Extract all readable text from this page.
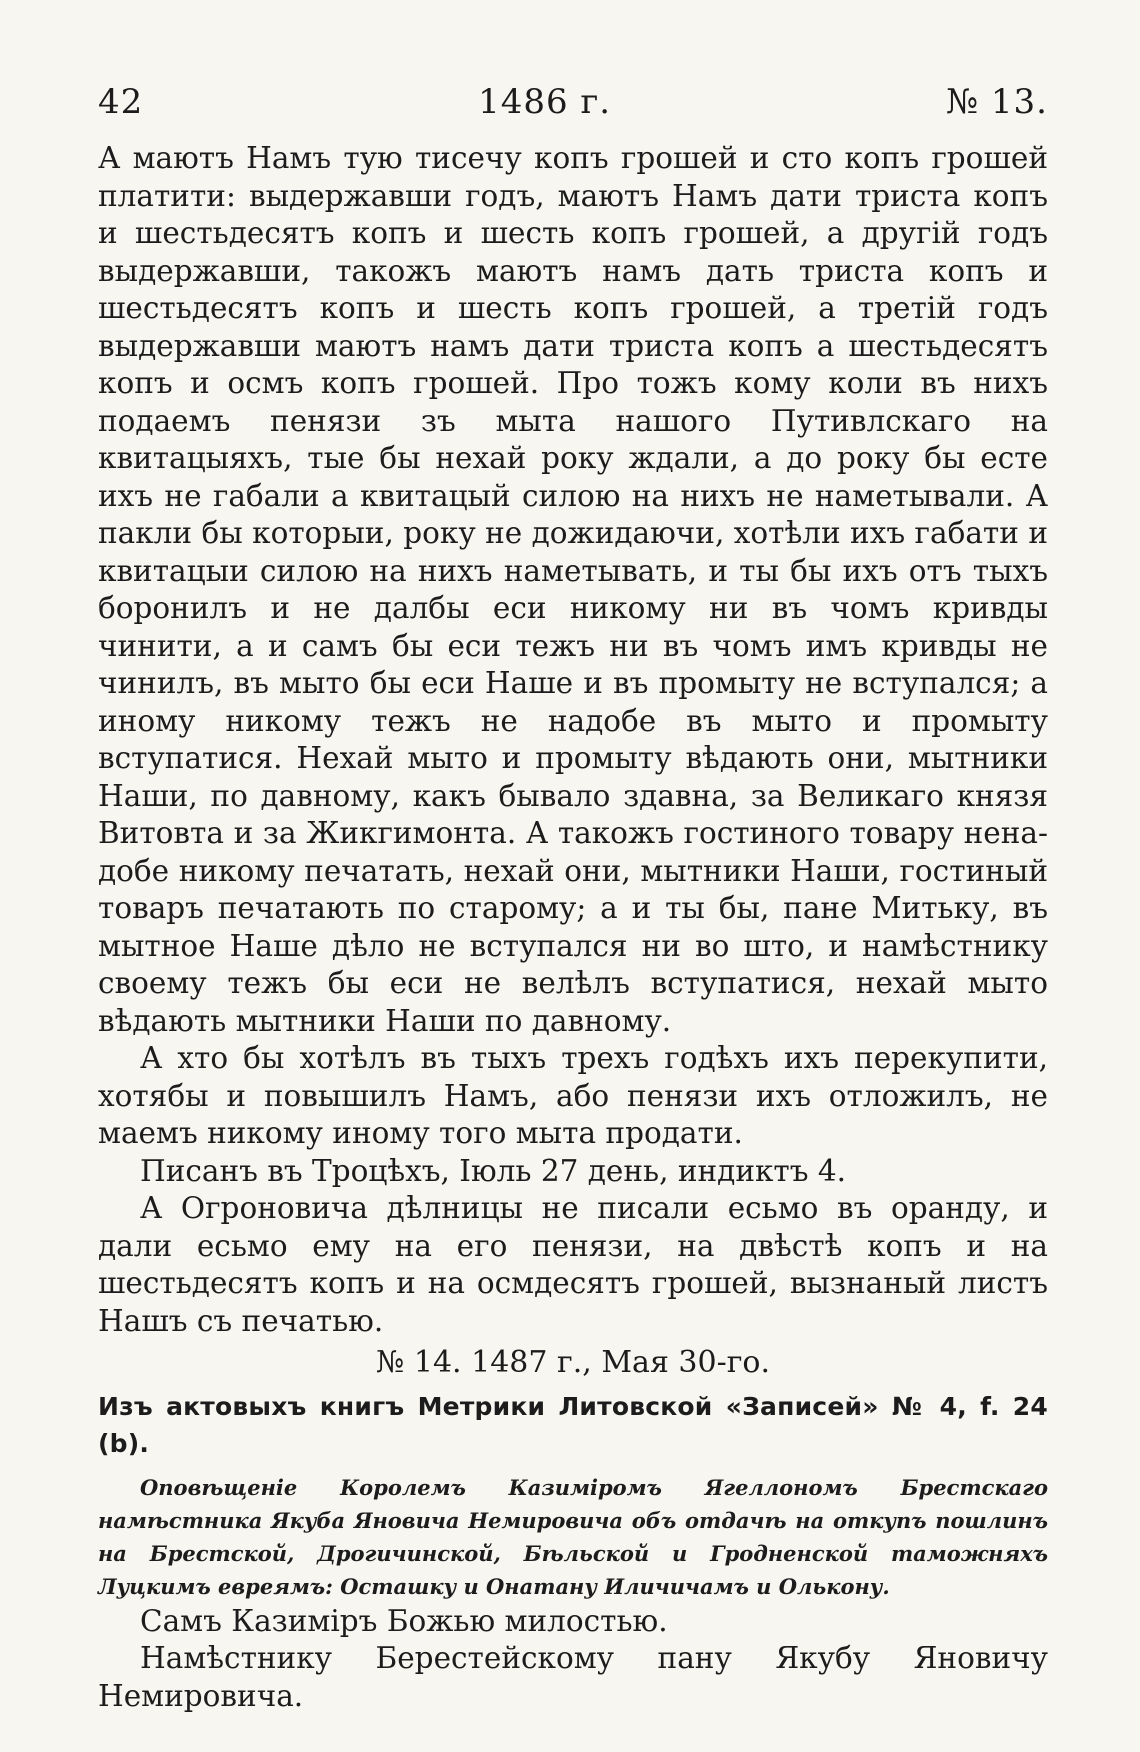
42	1486 г.	№ 13.

А маютъ Намъ тую тисечу копъ грошей и сто копъ грошей платити: выдержавши годъ, маютъ Намъ дати триста копъ и шестьдесятъ копъ и шесть копъ грошей, а другiй годъ выдержавши, такожъ маютъ намъ дать триста копъ и шестьдесятъ копъ и шесть копъ грошей, а третiй годъ выдержавши маютъ намъ дати триста копъ а шестьдесятъ копъ и осмъ копъ грошей. Про тожъ кому коли въ нихъ подаемъ пенязи зъ мыта нашого Путивлскаго на квитацыяхъ, тые бы нехай року ждали, а до року бы есте ихъ не габали а квитацый силою на нихъ не наметывали. А пакли бы которыи, року не дожидаючи, хотѣли ихъ габати и квитацыи силою на нихъ наметывать, и ты бы ихъ отъ тыхъ боронилъ и не далбы еси никому ни въ чомъ кривды чинити, а и самъ бы еси тежъ ни въ чомъ имъ кривды не чинилъ, въ мыто бы еси Наше и въ промыту не вступался; а иному никому тежъ не надобе въ мыто и промыту вступатися. Нехай мыто и промыту вѣдають они, мытники Наши, по давному, какъ бывало здавна, за Великаго князя Витовта и за Жикгимонта. А такожъ гостиного товару ненадобе никому печатать, нехай они, мытники Наши, гостиный товаръ печатають по старому; а и ты бы, пане Митьку, въ мытное Наше дѣло не вступался ни во што, и намѣстнику своему тежъ бы еси не велѣлъ вступатися, нехай мыто вѣдають мытники Наши по давному.

А хто бы хотѣлъ въ тыхъ трехъ годѣхъ ихъ перекупити, хотябы и повышилъ Намъ, або пенязи ихъ отложилъ, не маемъ никому иному того мыта продати.

Писанъ въ Троцѣхъ, Iюль 27 день, индиктъ 4.

А Огроновича дѣлницы не писали есьмо въ оранду, и дали есьмо ему на его пенязи, на двѣстѣ копъ и на шестьдесятъ копъ и на осмдесятъ грошей, вызнаный листъ Нашъ съ печатью.

№ 14. 1487 г., Мая 30-го.
Изъ актовыхъ книгъ Метрики Литовской «Записей» № 4, f. 24 (b).

Оповѣщенiе Королемъ Казимiромъ Ягеллономъ Брестскаго намѣстника Якуба Яновича Немировича объ отдачѣ на откупъ пошлинъ на Брестской, Дрогичинской, Бѣльской и Гродненской таможняхъ Луцкимъ евреямъ: Осташку и Онатану Иличичамъ и Олькону.

Самъ Казимiръ Божью милостью.

Намѣстнику Берестейскому пану Якубу Яновичу Немировича.
